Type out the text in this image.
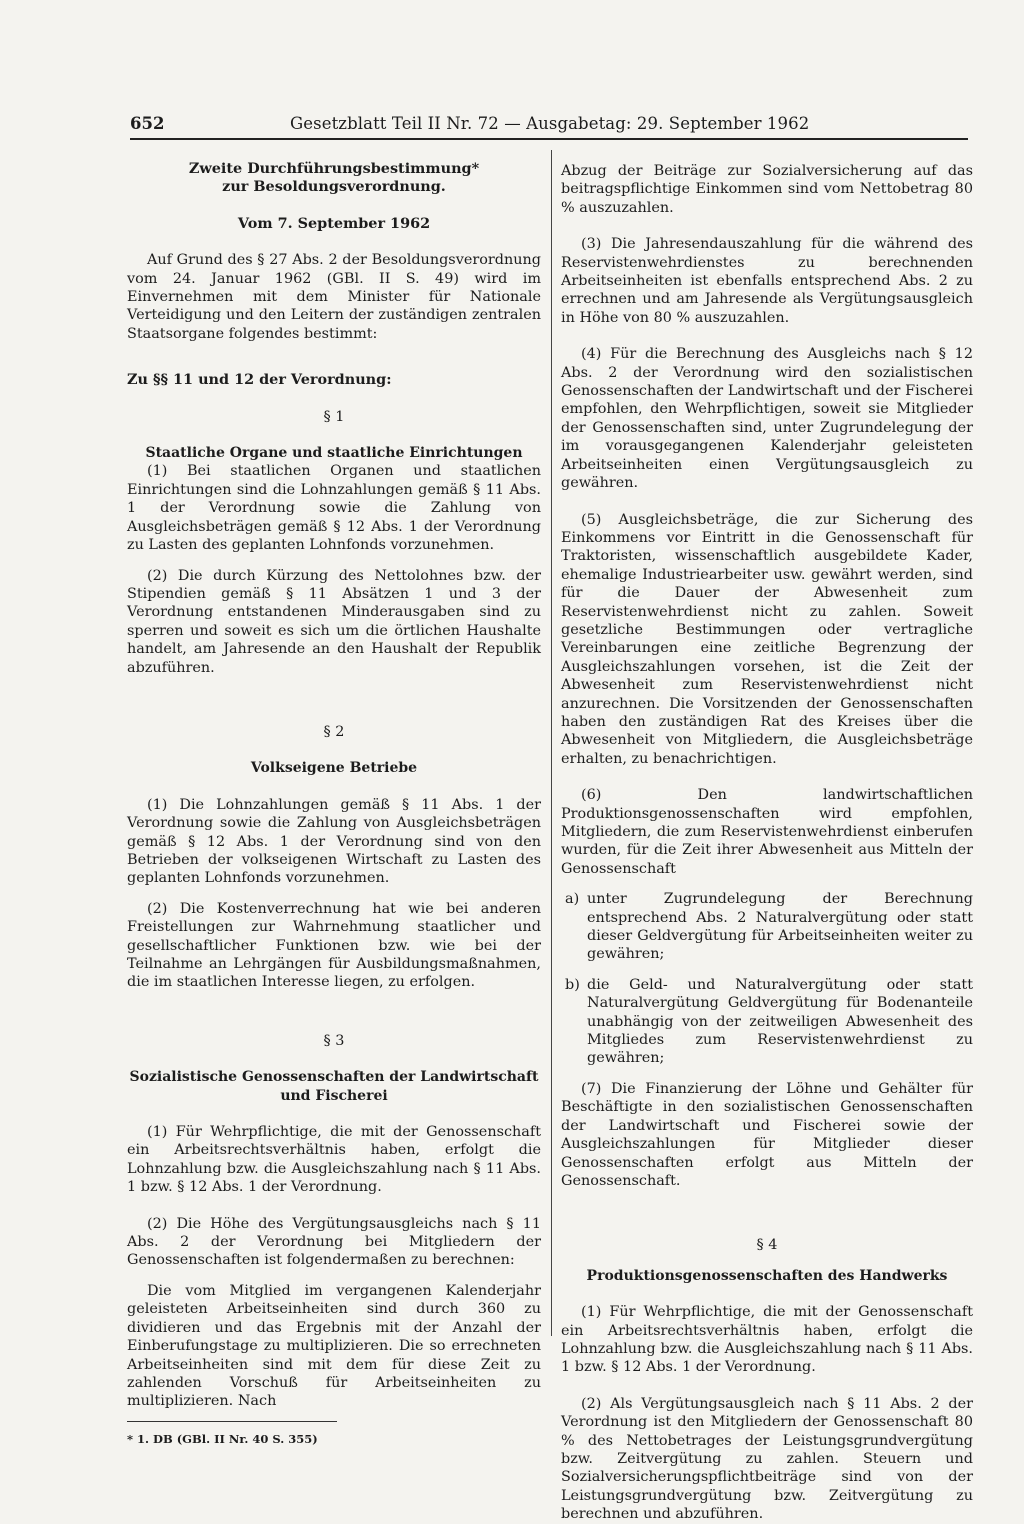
652	Gesetzblatt Teil II Nr. 72 — Ausgabetag: 29. September 1962

Zweite Durchführungsbestimmung*

zur Besoldungsverordnung.

Vom 7. September 1962

Auf Grund des § 27 Abs. 2 der Besoldungsverordnung vom 24. Januar 1962 (GBl. II S. 49) wird im Einvernehmen mit dem Minister für Nationale Verteidigung und den Leitern der zuständigen zentralen Staatsorgane folgendes bestimmt:

Zu §§ 11 und 12 der Verordnung:

§ 1

Staatliche Organe und staatliche Einrichtungen

(1) Bei staatlichen Organen und staatlichen Einrichtungen sind die Lohnzahlungen gemäß § 11 Abs. 1 der Verordnung sowie die Zahlung von Ausgleichsbeträgen gemäß § 12 Abs. 1 der Verordnung zu Lasten des geplanten Lohnfonds vorzunehmen.

(2) Die durch Kürzung des Nettolohnes bzw. der Stipendien gemäß § 11 Absätzen 1 und 3 der Verordnung entstandenen Minderausgaben sind zu sperren und soweit es sich um die örtlichen Haushalte handelt, am Jahresende an den Haushalt der Republik abzuführen.

§ 2

Volkseigene Betriebe

(1) Die Lohnzahlungen gemäß § 11 Abs. 1 der Verordnung sowie die Zahlung von Ausgleichsbeträgen gemäß § 12 Abs. 1 der Verordnung sind von den Betrieben der volkseigenen Wirtschaft zu Lasten des geplanten Lohnfonds vorzunehmen.

(2) Die Kostenverrechnung hat wie bei anderen Freistellungen zur Wahrnehmung staatlicher und gesellschaftlicher Funktionen bzw. wie bei der Teilnahme an Lehrgängen für Ausbildungsmaßnahmen, die im staatlichen Interesse liegen, zu erfolgen.

§ 3

Sozialistische Genossenschaften der Landwirtschaft

und Fischerei

(1) Für Wehrpflichtige, die mit der Genossenschaft ein Arbeitsrechtsverhältnis haben, erfolgt die Lohnzahlung bzw. die Ausgleichszahlung nach § 11 Abs. 1 bzw. § 12 Abs. 1 der Verordnung.

(2) Die Höhe des Vergütungsausgleichs nach § 11 Abs. 2 der Verordnung bei Mitgliedern der Genossenschaften ist folgendermaßen zu berechnen:

Die vom Mitglied im vergangenen Kalenderjahr geleisteten Arbeitseinheiten sind durch 360 zu dividieren und das Ergebnis mit der Anzahl der Einberufungstage zu multiplizieren. Die so errechneten Arbeitseinheiten sind mit dem für diese Zeit zu zahlenden Vorschuß für Arbeitseinheiten zu multiplizieren. Nach

* 1. DB (GBl. II Nr. 40 S. 355)

Abzug der Beiträge zur Sozialversicherung auf das beitragspflichtige Einkommen sind vom Nettobetrag 80 % auszuzahlen.

(3) Die Jahresendauszahlung für die während des Reservistenwehrdienstes zu berechnenden Arbeitseinheiten ist ebenfalls entsprechend Abs. 2 zu errechnen und am Jahresende als Vergütungsausgleich in Höhe von 80 % auszuzahlen.

(4) Für die Berechnung des Ausgleichs nach § 12 Abs. 2 der Verordnung wird den sozialistischen Genossenschaften der Landwirtschaft und der Fischerei empfohlen, den Wehrpflichtigen, soweit sie Mitglieder der Genossenschaften sind, unter Zugrundelegung der im vorausgegangenen Kalenderjahr geleisteten Arbeitseinheiten einen Vergütungsausgleich zu gewähren.

(5) Ausgleichsbeträge, die zur Sicherung des Einkommens vor Eintritt in die Genossenschaft für Traktoristen, wissenschaftlich ausgebildete Kader, ehemalige Industriearbeiter usw. gewährt werden, sind für die Dauer der Abwesenheit zum Reservistenwehrdienst nicht zu zahlen. Soweit gesetzliche Bestimmungen oder vertragliche Vereinbarungen eine zeitliche Begrenzung der Ausgleichszahlungen vorsehen, ist die Zeit der Abwesenheit zum Reservistenwehrdienst nicht anzurechnen. Die Vorsitzenden der Genossenschaften haben den zuständigen Rat des Kreises über die Abwesenheit von Mitgliedern, die Ausgleichsbeträge erhalten, zu benachrichtigen.

(6) Den landwirtschaftlichen Produktionsgenossenschaften wird empfohlen, Mitgliedern, die zum Reservistenwehrdienst einberufen wurden, für die Zeit ihrer Abwesenheit aus Mitteln der Genossenschaft

a) unter Zugrundelegung der Berechnung entsprechend Abs. 2 Naturalvergütung oder statt dieser Geldvergütung für Arbeitseinheiten weiter zu gewähren;
b) die Geld- und Naturalvergütung oder statt Naturalvergütung Geldvergütung für Bodenanteile unabhängig von der zeitweiligen Abwesenheit des Mitgliedes zum Reservistenwehrdienst zu gewähren;

(7) Die Finanzierung der Löhne und Gehälter für Beschäftigte in den sozialistischen Genossenschaften der Landwirtschaft und Fischerei sowie der Ausgleichszahlungen für Mitglieder dieser Genossenschaften erfolgt aus Mitteln der Genossenschaft.

§ 4

Produktionsgenossenschaften des Handwerks

(1) Für Wehrpflichtige, die mit der Genossenschaft ein Arbeitsrechtsverhältnis haben, erfolgt die Lohnzahlung bzw. die Ausgleichszahlung nach § 11 Abs. 1 bzw. § 12 Abs. 1 der Verordnung.

(2) Als Vergütungsausgleich nach § 11 Abs. 2 der Verordnung ist den Mitgliedern der Genossenschaft 80 % des Nettobetrages der Leistungsgrundvergütung bzw. Zeitvergütung zu zahlen. Steuern und Sozialversicherungspflichtbeiträge sind von der Leistungsgrundvergütung bzw. Zeitvergütung zu berechnen und abzuführen.
